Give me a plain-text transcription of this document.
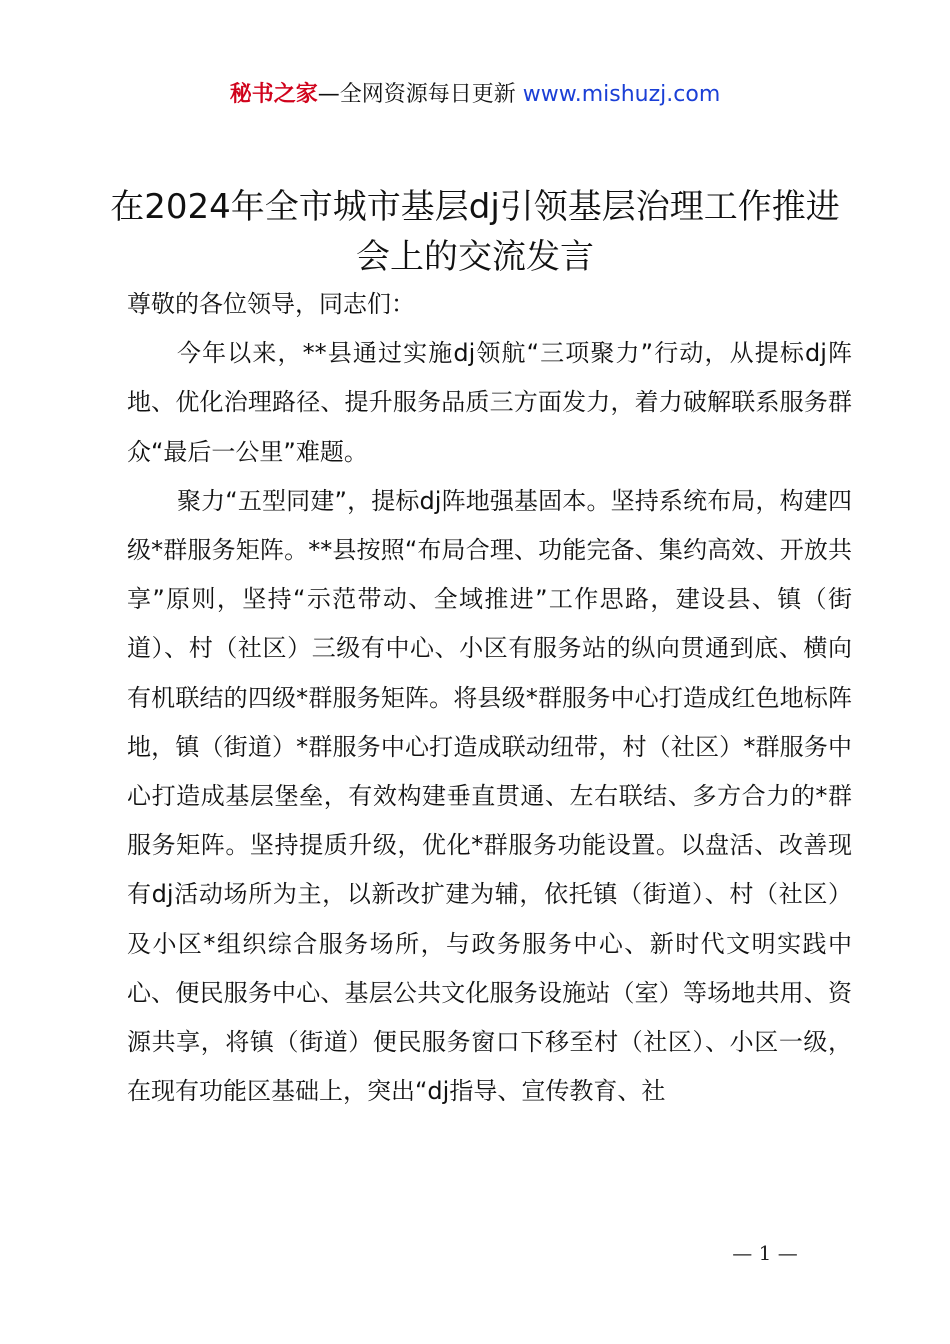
秘书之家—全网资源每日更新 www.mishuzj.com
在2024年全市城市基层dj引领基层治理工作推进会上的交流发言

尊敬的各位领导，同志们：

今年以来，**县通过实施dj领航“三项聚力”行动，从提标dj阵地、优化治理路径、提升服务品质三方面发力，着力破解联系服务群众“最后一公里”难题。

聚力“五型同建”，提标dj阵地强基固本。坚持系统布局，构建四级*群服务矩阵。**县按照“布局合理、功能完备、集约高效、开放共享”原则，坚持“示范带动、全域推进”工作思路，建设县、镇（街道）、村（社区）三级有中心、小区有服务站的纵向贯通到底、横向有机联结的四级*群服务矩阵。将县级*群服务中心打造成红色地标阵地，镇（街道）*群服务中心打造成联动纽带，村（社区）*群服务中心打造成基层堡垒，有效构建垂直贯通、左右联结、多方合力的*群服务矩阵。坚持提质升级，优化*群服务功能设置。以盘活、改善现有dj活动场所为主，以新改扩建为辅，依托镇（街道）、村（社区）及小区*组织综合服务场所，与政务服务中心、新时代文明实践中心、便民服务中心、基层公共文化服务设施站（室）等场地共用、资源共享，将镇（街道）便民服务窗口下移至村（社区）、小区一级，在现有功能区基础上，突出“dj指导、宣传教育、社

— 1 —
